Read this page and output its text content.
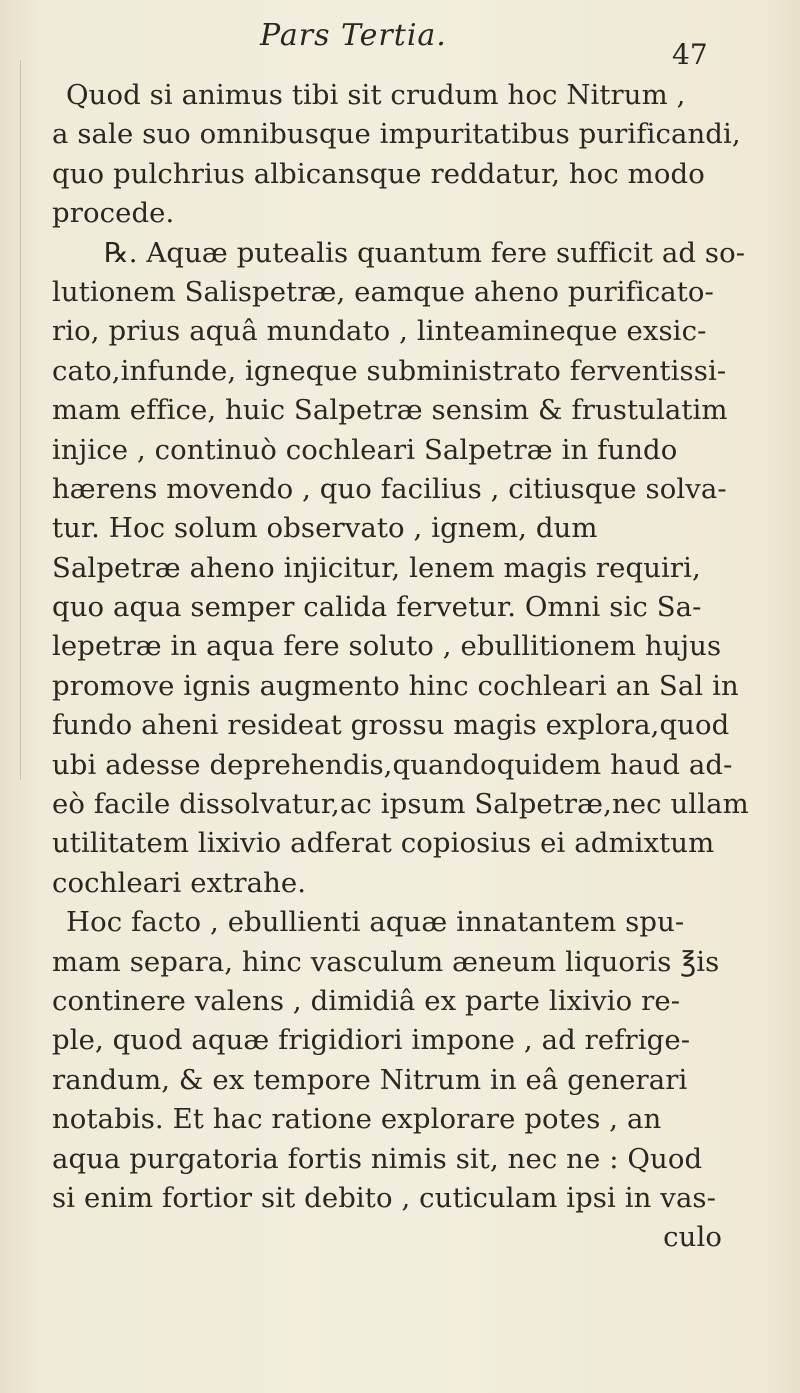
Pars Tertia.
47
Quod si animus tibi sit crudum hoc Nitrum ,
a sale suo omnibusque impuritatibus purificandi,
quo pulchrius albicansque reddatur, hoc modo
procede.
℞. Aquæ putealis quantum fere sufficit ad so-
lutionem Salispetræ, eamque aheno purificato-
rio, prius aquâ mundato , linteamineque exsic-
cato,infunde, igneque subministrato ferventissi-
mam effice, huic Salpetræ sensim & frustulatim
injice , continuò cochleari Salpetræ in fundo
hærens movendo , quo facilius , citiusque solva-
tur. Hoc solum observato , ignem, dum
Salpetræ aheno injicitur, lenem magis requiri,
quo aqua semper calida fervetur. Omni sic Sa-
lepetræ in aqua fere soluto , ebullitionem hujus
promove ignis augmento hinc cochleari an Sal in
fundo aheni resideat grossu magis explora,quod
ubi adesse deprehendis,quandoquidem haud ad-
eò facile dissolvatur,ac ipsum Salpetræ,nec ullam
utilitatem lixivio adferat copiosius ei admixtum
cochleari extrahe.
Hoc facto , ebullienti aquæ innatantem spu-
mam separa, hinc vasculum æneum liquoris ℥is
continere valens , dimidiâ ex parte lixivio re-
ple, quod aquæ frigidiori impone , ad refrige-
randum, & ex tempore Nitrum in eâ generari
notabis. Et hac ratione explorare potes , an
aqua purgatoria fortis nimis sit, nec ne : Quod
si enim fortior sit debito , cuticulam ipsi in vas-
culo
